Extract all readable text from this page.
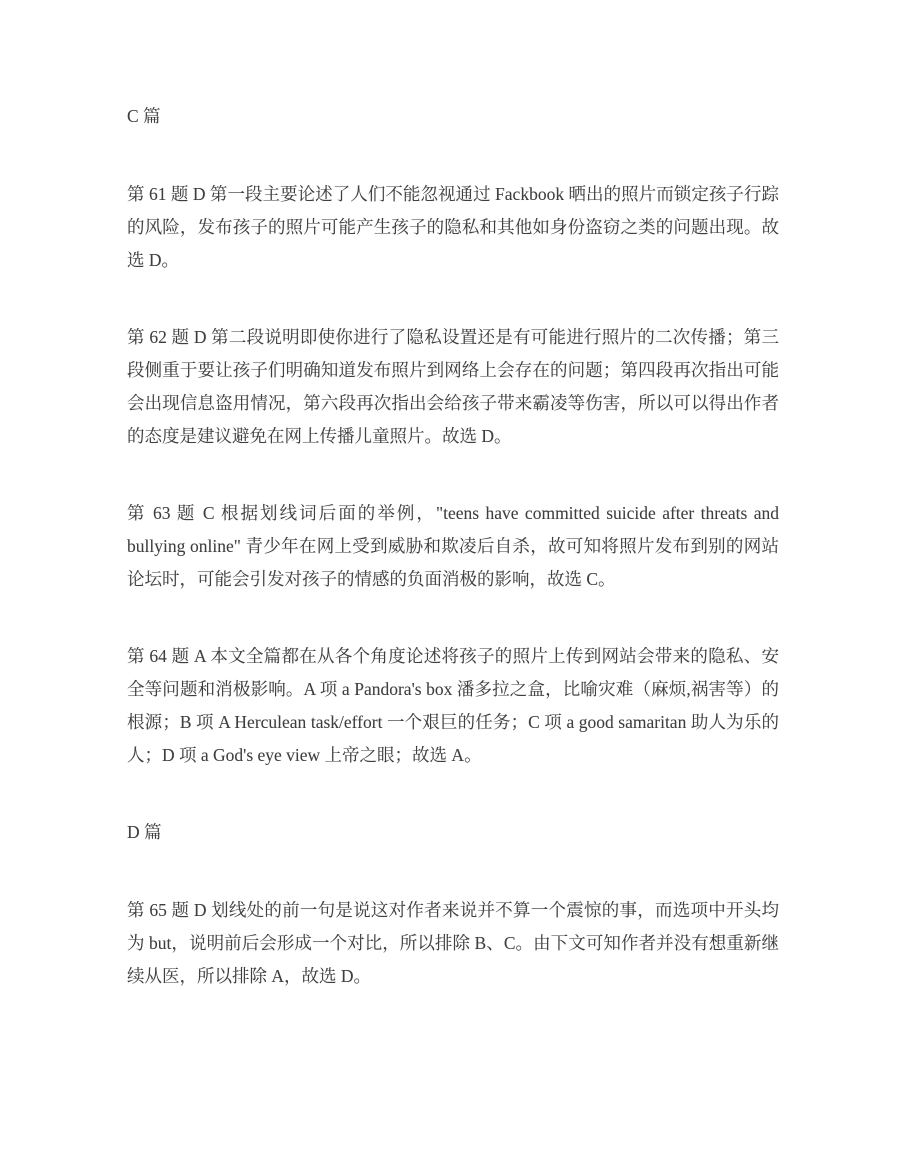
C 篇
第 61 题 D 第一段主要论述了人们不能忽视通过 Fackbook 晒出的照片而锁定孩子行踪的风险，发布孩子的照片可能产生孩子的隐私和其他如身份盗窃之类的问题出现。故选 D。
第 62 题 D 第二段说明即使你进行了隐私设置还是有可能进行照片的二次传播；第三段侧重于要让孩子们明确知道发布照片到网络上会存在的问题；第四段再次指出可能会出现信息盗用情况，第六段再次指出会给孩子带来霸凌等伤害，所以可以得出作者的态度是建议避免在网上传播儿童照片。故选 D。
第 63 题 C 根据划线词后面的举例，"teens have committed suicide after threats and bullying online" 青少年在网上受到威胁和欺凌后自杀，故可知将照片发布到别的网站论坛时，可能会引发对孩子的情感的负面消极的影响，故选 C。
第 64 题 A 本文全篇都在从各个角度论述将孩子的照片上传到网站会带来的隐私、安全等问题和消极影响。A 项 a Pandora's box 潘多拉之盒，比喻灾难（麻烦,祸害等）的根源；B 项 A Herculean task/effort 一个艰巨的任务；C 项 a good samaritan 助人为乐的人；D 项 a God's eye view 上帝之眼；故选 A。
D 篇
第 65 题 D 划线处的前一句是说这对作者来说并不算一个震惊的事，而选项中开头均为 but，说明前后会形成一个对比，所以排除 B、C。由下文可知作者并没有想重新继续从医，所以排除 A，故选 D。
